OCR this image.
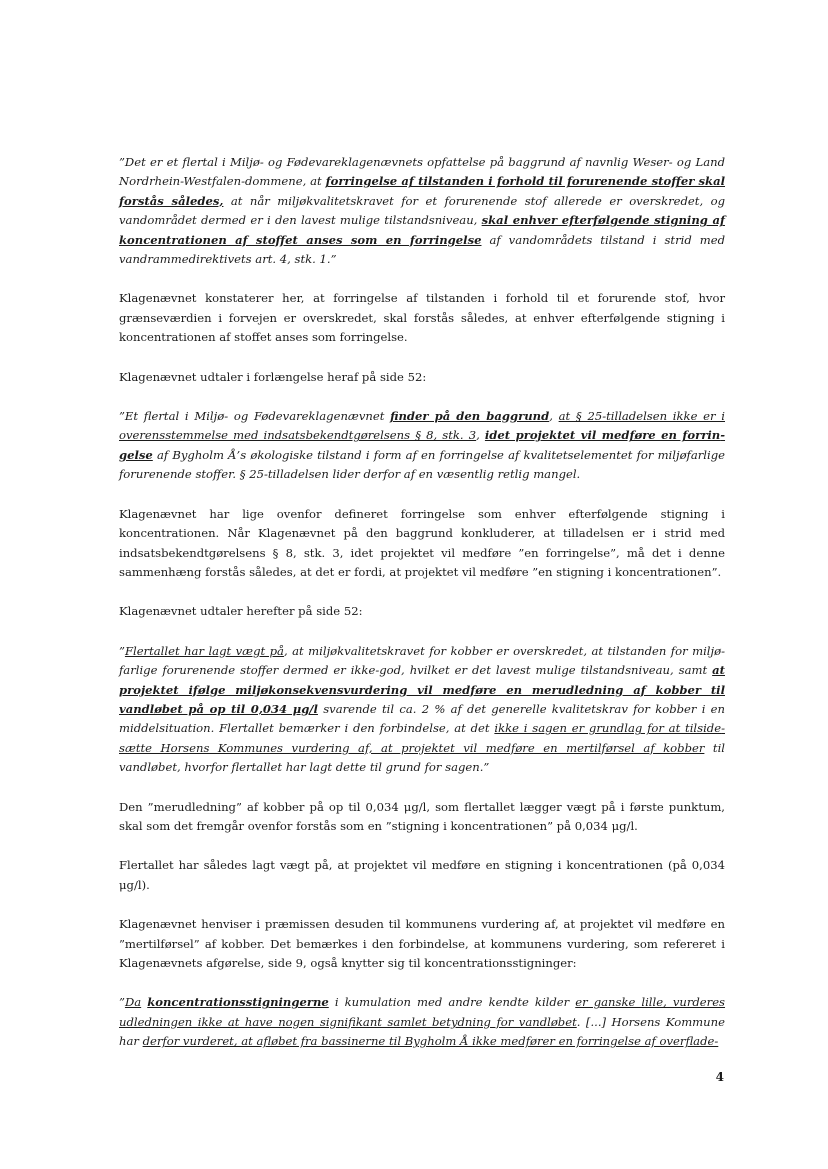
”Det er et flertal i Miljø- og Fødevareklagenævnets opfattelse på baggrund af navnlig Weser- og Land Nordrhein-Westfalen-dommene, at forringelse af tilstanden i forhold til forurenende stoffer skal forstås således, at når miljøkvalitetskravet for et forurenende stof allerede er overskredet, og vandområdet dermed er i den lavest mulige tilstandsniveau, skal enhver efterfølgende stigning af koncentrationen af stoffet anses som en forringelse af vandområdets tilstand i strid med vandrammedirektivets art. 4, stk. 1.”

Klagenævnet konstaterer her, at forringelse af tilstanden i forhold til et forurende stof, hvor grænseværdien i forvejen er overskredet, skal forstås således, at enhver efterfølgende stigning i koncentrationen af stoffet anses som forringelse.

Klagenævnet udtaler i forlængelse heraf på side 52:

”Et flertal i Miljø- og Fødevareklagenævnet finder på den baggrund, at § 25-tilladelsen ikke er i overensstemmelse med indsatsbekendtgørelsens § 8, stk. 3, idet projektet vil medføre en forringelse af Bygholm Å’s økologiske tilstand i form af en forringelse af kvalitetselementet for miljøfarlige forurenende stoffer. § 25-tilladelsen lider derfor af en væsentlig retlig mangel.

Klagenævnet har lige ovenfor defineret forringelse som enhver efterfølgende stigning i koncentrationen. Når Klagenævnet på den baggrund konkluderer, at tilladelsen er i strid med indsatsbekendtgørelsens § 8, stk. 3, idet projektet vil medføre ”en forringelse”, må det i denne sammenhæng forstås således, at det er fordi, at projektet vil medføre ”en stigning i koncentrationen”.

Klagenævnet udtaler herefter på side 52:

”Flertallet har lagt vægt på, at miljøkvalitetskravet for kobber er overskredet, at tilstanden for miljøfarlige forurenende stoffer dermed er ikke-god, hvilket er det lavest mulige tilstandsniveau, samt at projektet ifølge miljøkonsekvensvurdering vil medføre en merudledning af kobber til vandløbet på op til 0,034 μg/l svarende til ca. 2 % af det generelle kvalitetskrav for kobber i en middelsituation. Flertallet bemærker i den forbindelse, at det ikke i sagen er grundlag for at tilsidesætte Horsens Kommunes vurdering af, at projektet vil medføre en mertilførsel af kobber til vandløbet, hvorfor flertallet har lagt dette til grund for sagen.”

Den ”merudledning” af kobber på op til 0,034 μg/l, som flertallet lægger vægt på i første punktum, skal som det fremgår ovenfor forstås som en ”stigning i koncentrationen” på 0,034 μg/l.

Flertallet har således lagt vægt på, at projektet vil medføre en stigning i koncentrationen (på 0,034 μg/l).

Klagenævnet henviser i præmissen desuden til kommunens vurdering af, at projektet vil medføre en ”mertilførsel” af kobber. Det bemærkes i den forbindelse, at kommunens vurdering, som refereret i Klagenævnets afgørelse, side 9, også knytter sig til koncentrationsstigninger:

”Da koncentrationsstigningerne i kumulation med andre kendte kilder er ganske lille, vurderes udledningen ikke at have nogen signifikant samlet betydning for vandløbet. [...] Horsens Kommune har derfor vurderet, at afløbet fra bassinerne til Bygholm Å ikke medfører en forringelse af overflade-

4
